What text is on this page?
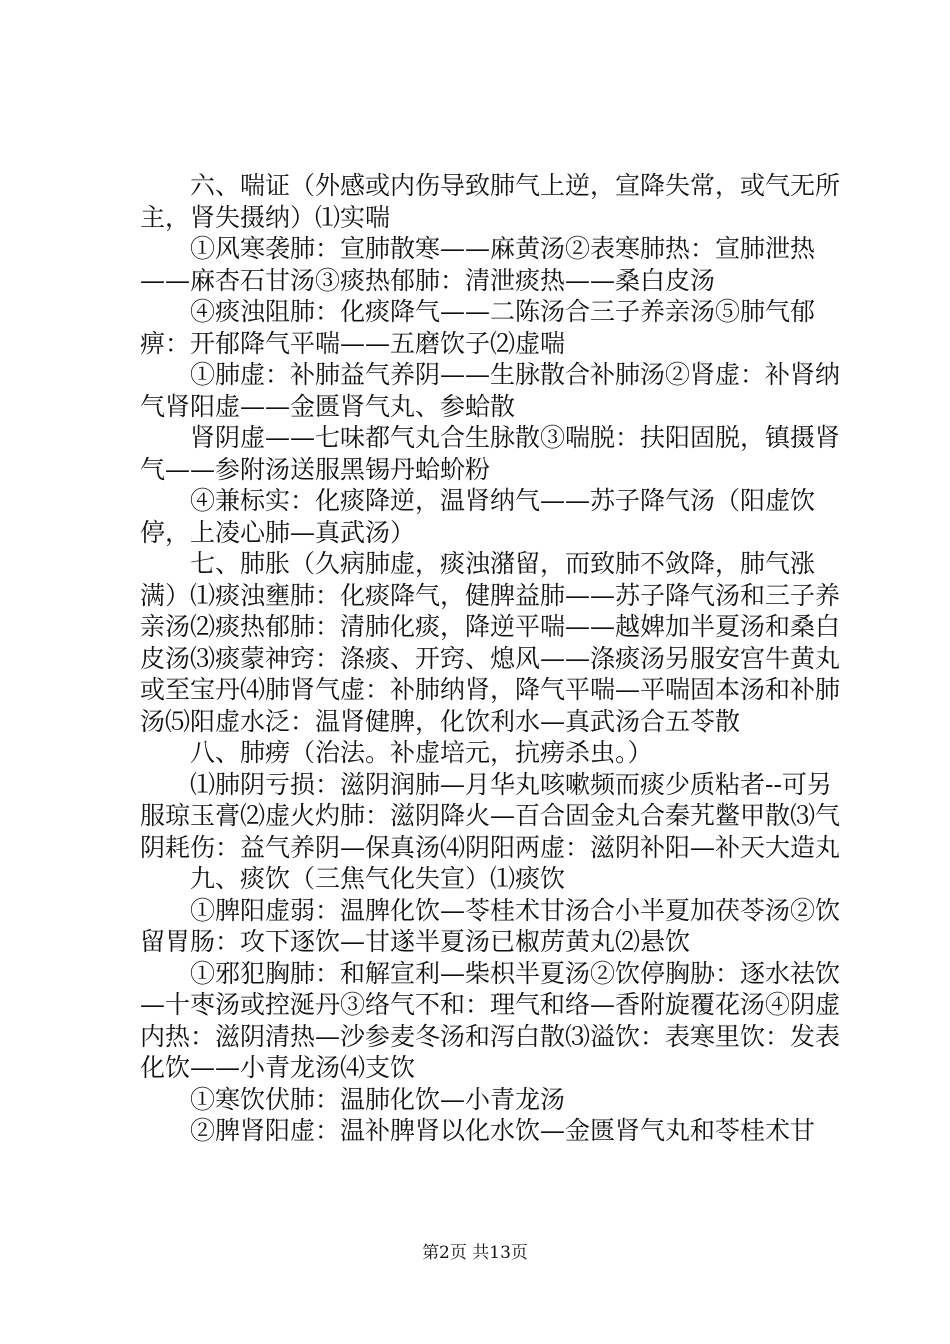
六、喘证（外感或内伤导致肺气上逆，宣降失常，或气无所主，肾失摄纳）⑴实喘

①风寒袭肺：宣肺散寒——麻黄汤②表寒肺热：宣肺泄热——麻杏石甘汤③痰热郁肺：清泄痰热——桑白皮汤

④痰浊阻肺：化痰降气——二陈汤合三子养亲汤⑤肺气郁痹：开郁降气平喘——五磨饮子⑵虚喘

①肺虚：补肺益气养阴——生脉散合补肺汤②肾虚：补肾纳气肾阳虚——金匮肾气丸、参蛤散

肾阴虚——七味都气丸合生脉散③喘脱：扶阳固脱，镇摄肾气——参附汤送服黑锡丹蛤蚧粉

④兼标实：化痰降逆，温肾纳气——苏子降气汤（阳虚饮停，上凌心肺—真武汤）

七、肺胀（久病肺虚，痰浊潴留，而致肺不敛降，肺气涨满）⑴痰浊壅肺：化痰降气，健脾益肺——苏子降气汤和三子养亲汤⑵痰热郁肺：清肺化痰，降逆平喘——越婢加半夏汤和桑白皮汤⑶痰蒙神窍：涤痰、开窍、熄风——涤痰汤另服安宫牛黄丸或至宝丹⑷肺肾气虚：补肺纳肾，降气平喘—平喘固本汤和补肺汤⑸阳虚水泛：温肾健脾，化饮利水—真武汤合五苓散

八、肺痨（治法。补虚培元，抗痨杀虫。）

⑴肺阴亏损：滋阴润肺—月华丸咳嗽频而痰少质粘者--可另服琼玉膏⑵虚火灼肺：滋阴降火—百合固金丸合秦艽鳖甲散⑶气阴耗伤：益气养阴—保真汤⑷阴阳两虚：滋阴补阳—补天大造丸

九、痰饮（三焦气化失宣）⑴痰饮

①脾阳虚弱：温脾化饮—苓桂术甘汤合小半夏加茯苓汤②饮留胃肠：攻下逐饮—甘遂半夏汤已椒苈黄丸⑵悬饮

①邪犯胸肺：和解宣利—柴枳半夏汤②饮停胸胁：逐水祛饮—十枣汤或控涎丹③络气不和：理气和络—香附旋覆花汤④阴虚内热：滋阴清热—沙参麦冬汤和泻白散⑶溢饮：表寒里饮：发表化饮——小青龙汤⑷支饮

①寒饮伏肺：温肺化饮—小青龙汤

②脾肾阳虚：温补脾肾以化水饮—金匮肾气丸和苓桂术甘

第2页 共13页
